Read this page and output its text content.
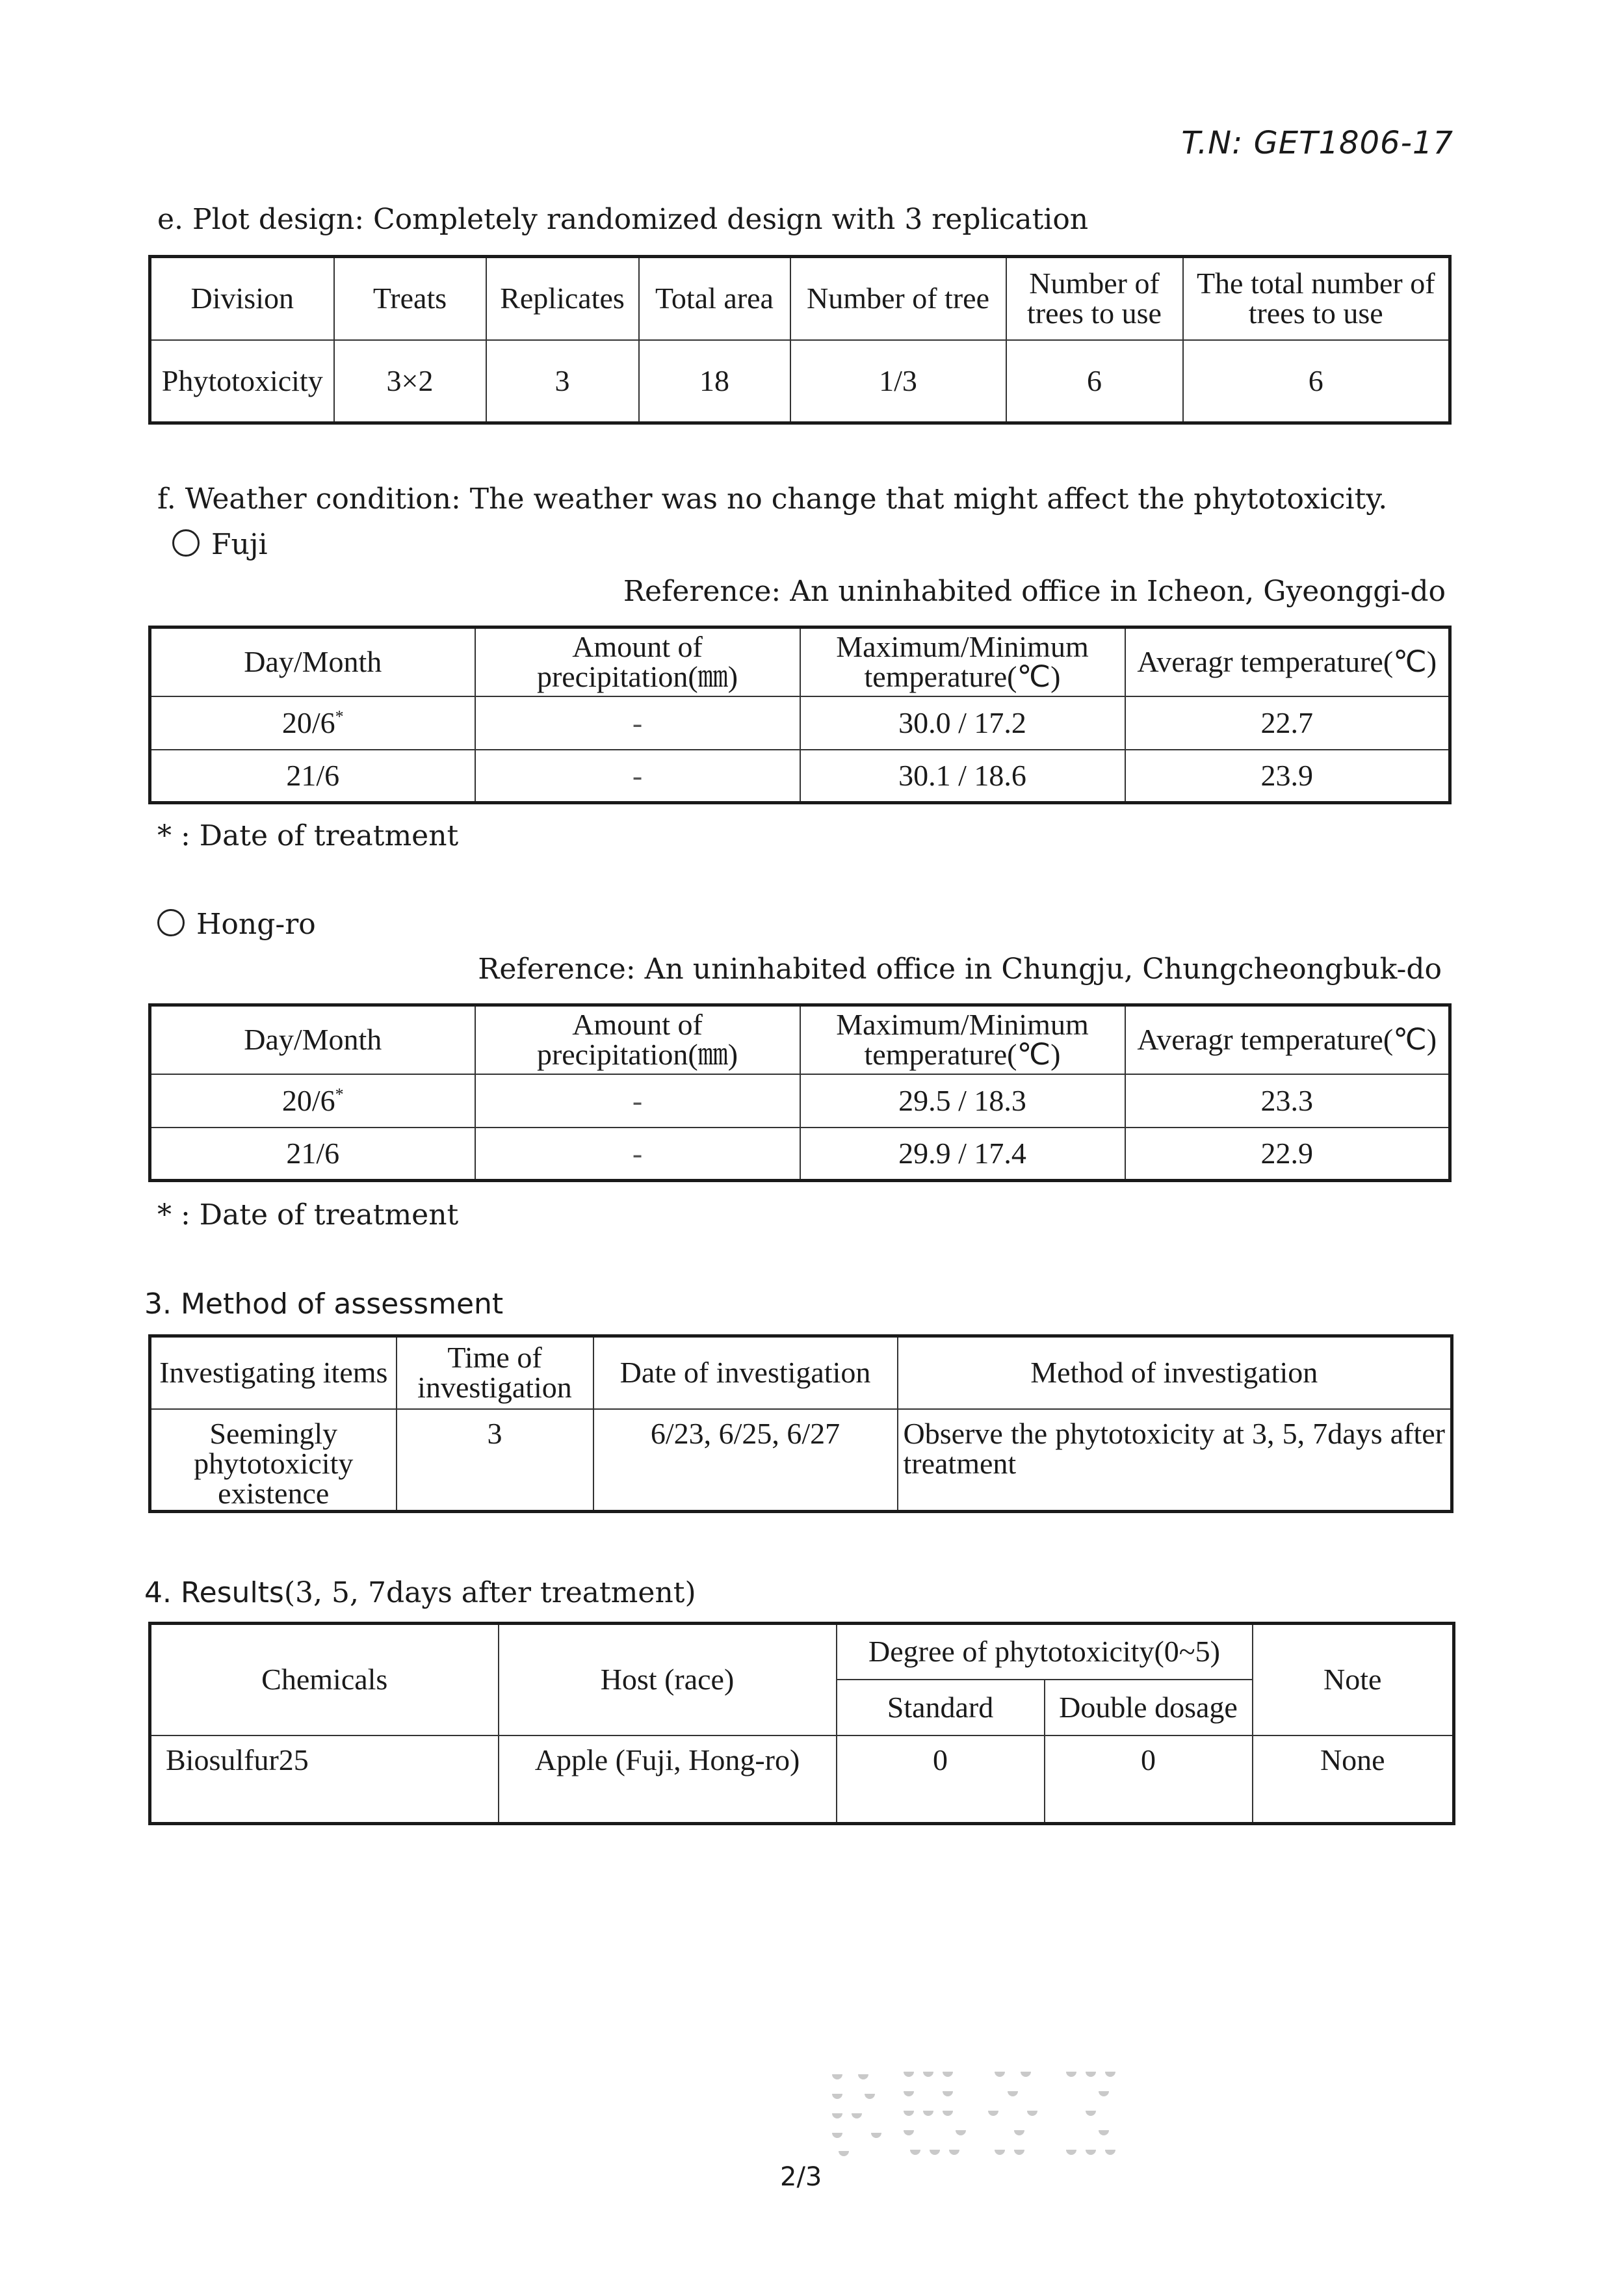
T.N: GET1806-17
e. Plot design: Completely randomized design with 3 replication
Division	Treats	Replicates	Total area	Number of tree	Number of trees to use	The total number of trees to use
Phytotoxicity	3×2	3	18	1/3	6	6
f. Weather condition: The weather was no change that might affect the phytotoxicity.
Fuji
Reference: An uninhabited office in Icheon, Gyeonggi-do
Day/Month	Amount of precipitation(㎜)	Maximum/Minimum temperature(℃)	Averagr temperature(℃)
20/6*	-	30.0 / 17.2	22.7
21/6	-	30.1 / 18.6	23.9
* : Date of treatment
Hong-ro
Reference: An uninhabited office in Chungju, Chungcheongbuk-do
Day/Month	Amount of precipitation(㎜)	Maximum/Minimum temperature(℃)	Averagr temperature(℃)
20/6*	-	29.5 / 18.3	23.3
21/6	-	29.9 / 17.4	22.9
* : Date of treatment
3. Method of assessment
Investigating items	Time of investigation	Date of investigation	Method of investigation
Seemingly phytotoxicity existence	3	6/23, 6/25, 6/27	Observe the phytotoxicity at 3, 5, 7days after treatment
4. Results(3, 5, 7days after treatment)
Chemicals	Host (race)	Degree of phytotoxicity(0~5)		Note
		Standard	Double dosage	
Biosulfur25	Apple (Fuji, Hong-ro)	0	0	None
2/3
